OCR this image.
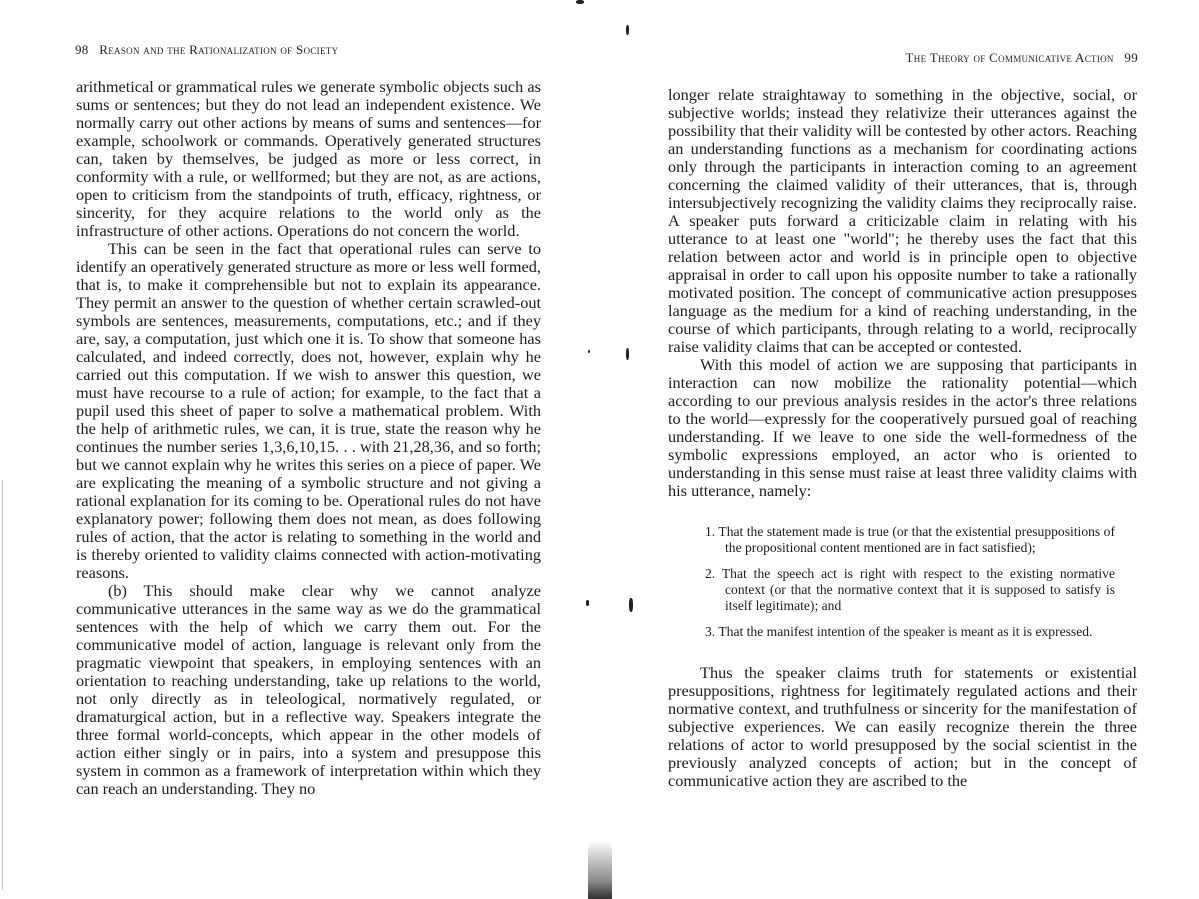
98 Reason and the Rationalization of Society

arithmetical or grammatical rules we generate symbolic objects such as sums or sentences; but they do not lead an independent existence. We normally carry out other actions by means of sums and sentences—for example, schoolwork or commands. Operatively generated structures can, taken by themselves, be judged as more or less correct, in conformity with a rule, or wellformed; but they are not, as are actions, open to criticism from the standpoints of truth, efficacy, rightness, or sincerity, for they acquire relations to the world only as the infrastructure of other actions. Operations do not concern the world.

This can be seen in the fact that operational rules can serve to identify an operatively generated structure as more or less well formed, that is, to make it comprehensible but not to explain its appearance. They permit an answer to the question of whether certain scrawled-out symbols are sentences, measurements, computations, etc.; and if they are, say, a computation, just which one it is. To show that someone has calculated, and indeed correctly, does not, however, explain why he carried out this computation. If we wish to answer this question, we must have recourse to a rule of action; for example, to the fact that a pupil used this sheet of paper to solve a mathematical problem. With the help of arithmetic rules, we can, it is true, state the reason why he continues the number series 1,3,6,10,15. . . with 21,28,36, and so forth; but we cannot explain why he writes this series on a piece of paper. We are explicating the meaning of a symbolic structure and not giving a rational explanation for its coming to be. Operational rules do not have explanatory power; following them does not mean, as does following rules of action, that the actor is relating to something in the world and is thereby oriented to validity claims connected with action-motivating reasons.

(b) This should make clear why we cannot analyze communicative utterances in the same way as we do the grammatical sentences with the help of which we carry them out. For the communicative model of action, language is relevant only from the pragmatic viewpoint that speakers, in employing sentences with an orientation to reaching understanding, take up relations to the world, not only directly as in teleological, normatively regulated, or dramaturgical action, but in a reflective way. Speakers integrate the three formal world-concepts, which appear in the other models of action either singly or in pairs, into a system and presuppose this system in common as a framework of interpretation within which they can reach an understanding. They no

The Theory of Communicative Action 99

longer relate straightaway to something in the objective, social, or subjective worlds; instead they relativize their utterances against the possibility that their validity will be contested by other actors. Reaching an understanding functions as a mechanism for coordinating actions only through the participants in interaction coming to an agreement concerning the claimed validity of their utterances, that is, through intersubjectively recognizing the validity claims they reciprocally raise. A speaker puts forward a criticizable claim in relating with his utterance to at least one "world"; he thereby uses the fact that this relation between actor and world is in principle open to objective appraisal in order to call upon his opposite number to take a rationally motivated position. The concept of communicative action presupposes language as the medium for a kind of reaching understanding, in the course of which participants, through relating to a world, reciprocally raise validity claims that can be accepted or contested.

With this model of action we are supposing that participants in interaction can now mobilize the rationality potential—which according to our previous analysis resides in the actor's three relations to the world—expressly for the cooperatively pursued goal of reaching understanding. If we leave to one side the well-formedness of the symbolic expressions employed, an actor who is oriented to understanding in this sense must raise at least three validity claims with his utterance, namely:

1. That the statement made is true (or that the existential presuppositions of the propositional content mentioned are in fact satisfied);
2. That the speech act is right with respect to the existing normative context (or that the normative context that it is supposed to satisfy is itself legitimate); and
3. That the manifest intention of the speaker is meant as it is expressed.

Thus the speaker claims truth for statements or existential presuppositions, rightness for legitimately regulated actions and their normative context, and truthfulness or sincerity for the manifestation of subjective experiences. We can easily recognize therein the three relations of actor to world presupposed by the social scientist in the previously analyzed concepts of action; but in the concept of communicative action they are ascribed to the
